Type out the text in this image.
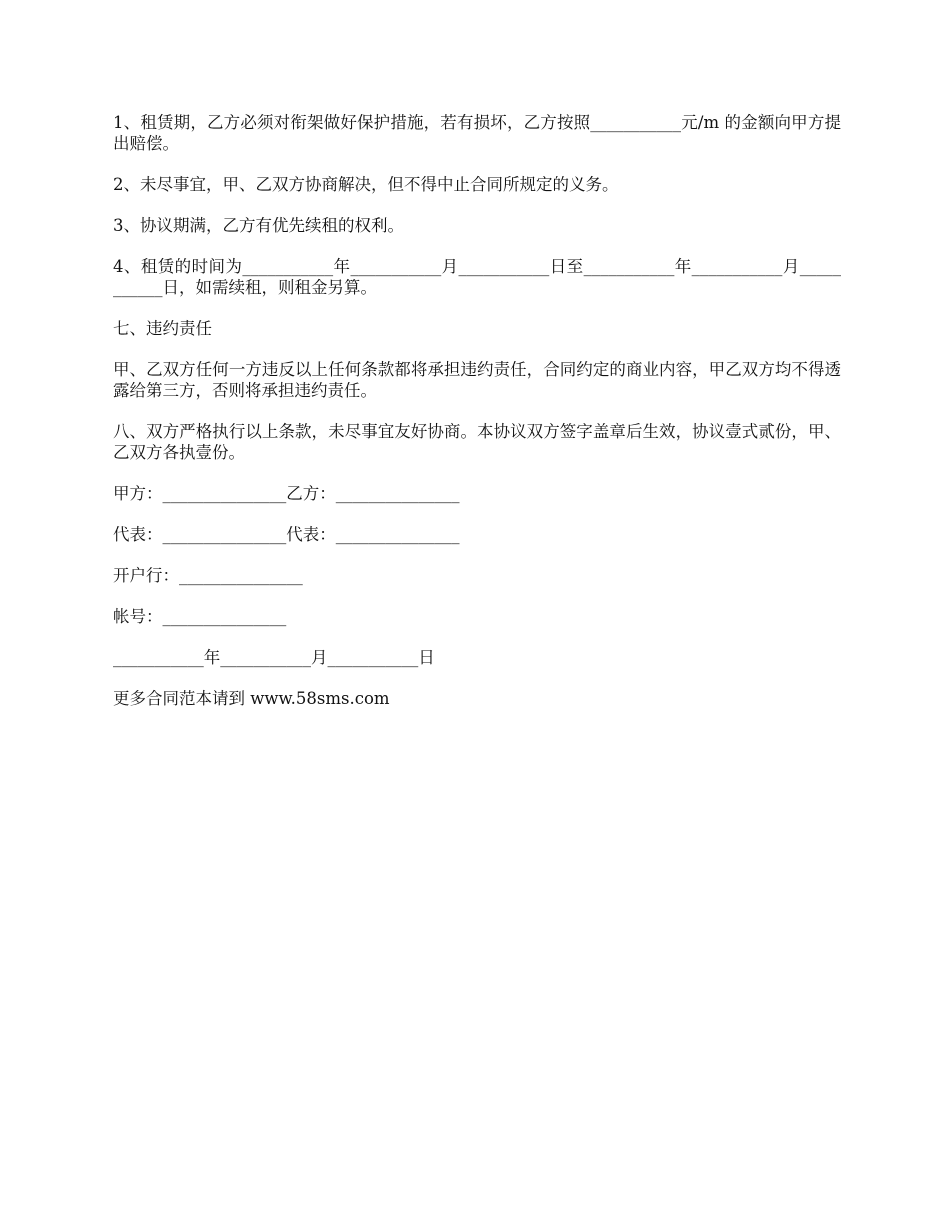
1、租赁期，乙方必须对衔架做好保护措施，若有损坏，乙方按照___________元/m 的金额向甲方提出赔偿。

2、未尽事宜，甲、乙双方协商解决，但不得中止合同所规定的义务。

3、协议期满，乙方有优先续租的权利。

4、租赁的时间为___________年___________月___________日至___________年___________月___________日，如需续租，则租金另算。

七、违约责任

甲、乙双方任何一方违反以上任何条款都将承担违约责任，合同约定的商业内容，甲乙双方均不得透露给第三方，否则将承担违约责任。

八、双方严格执行以上条款，未尽事宜友好协商。本协议双方签字盖章后生效，协议壹式贰份，甲、乙双方各执壹份。

甲方：_______________乙方：_______________
代表：_______________代表：_______________
开户行：_______________
帐号：_______________
___________年___________月___________日
更多合同范本请到 www.58sms.com
